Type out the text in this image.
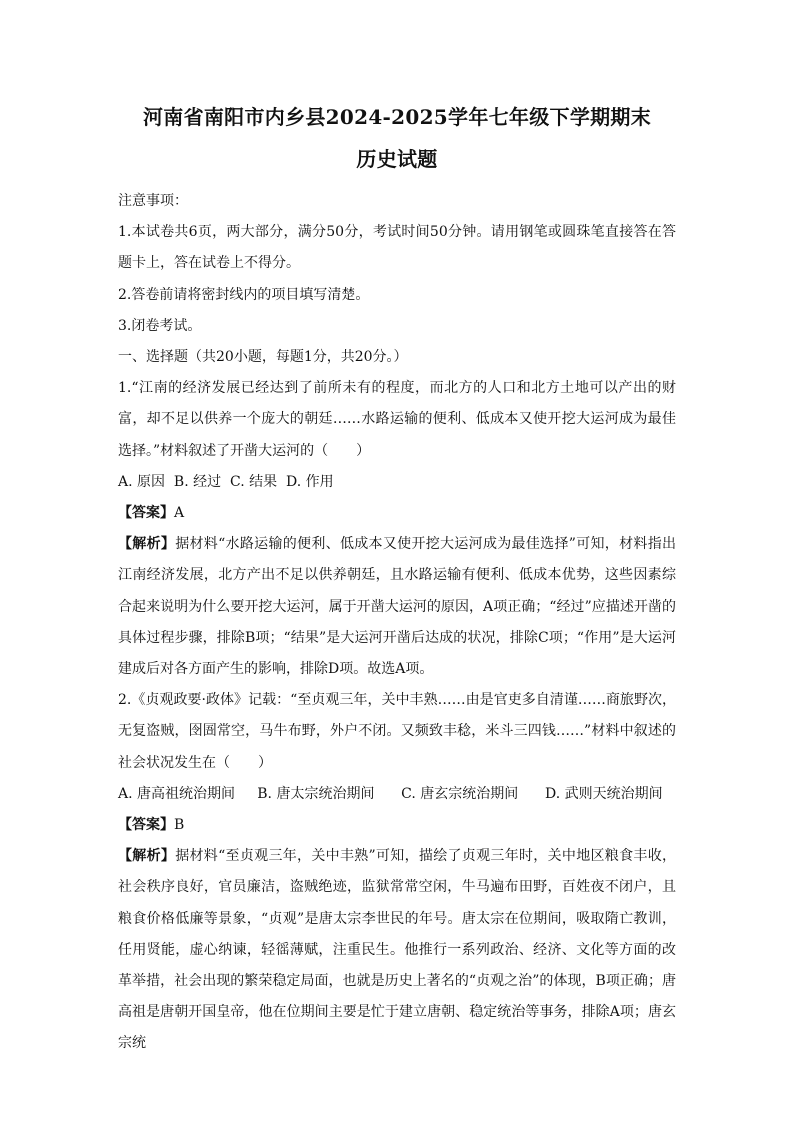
河南省南阳市内乡县2024-2025学年七年级下学期期末
历史试题

注意事项：

1.本试卷共6页，两大部分，满分50分，考试时间50分钟。请用钢笔或圆珠笔直接答在答题卡上，答在试卷上不得分。

2.答卷前请将密封线内的项目填写清楚。

3.闭卷考试。

一、选择题（共20小题，每题1分，共20分。）

1.“江南的经济发展已经达到了前所未有的程度，而北方的人口和北方土地可以产出的财富，却不足以供养一个庞大的朝廷……水路运输的便利、低成本又使开挖大运河成为最佳选择。”材料叙述了开凿大运河的（　　）

A. 原因  B. 经过  C. 结果  D. 作用

【答案】A

【解析】据材料“水路运输的便利、低成本又使开挖大运河成为最佳选择”可知，材料指出江南经济发展，北方产出不足以供养朝廷，且水路运输有便利、低成本优势，这些因素综合起来说明为什么要开挖大运河，属于开凿大运河的原因，A项正确；“经过”应描述开凿的具体过程步骤，排除B项；“结果”是大运河开凿后达成的状况，排除C项；“作用”是大运河建成后对各方面产生的影响，排除D项。故选A项。

2.《贞观政要·政体》记载：“至贞观三年，关中丰熟……由是官吏多自清谨……商旅野次，无复盗贼，囹圄常空，马牛布野，外户不闭。又频致丰稔，米斗三四钱……”材料中叙述的社会状况发生在（　　）

A. 唐高祖统治期间     B. 唐太宗统治期间      C. 唐玄宗统治期间      D. 武则天统治期间

【答案】B

【解析】据材料“至贞观三年，关中丰熟”可知，描绘了贞观三年时，关中地区粮食丰收，社会秩序良好，官员廉洁，盗贼绝迹，监狱常常空闲，牛马遍布田野，百姓夜不闭户，且粮食价格低廉等景象，“贞观”是唐太宗李世民的年号。唐太宗在位期间，吸取隋亡教训，任用贤能，虚心纳谏，轻徭薄赋，注重民生。他推行一系列政治、经济、文化等方面的改革举措，社会出现的繁荣稳定局面，也就是历史上著名的“贞观之治”的体现，B项正确；唐高祖是唐朝开国皇帝，他在位期间主要是忙于建立唐朝、稳定统治等事务，排除A项；唐玄宗统
